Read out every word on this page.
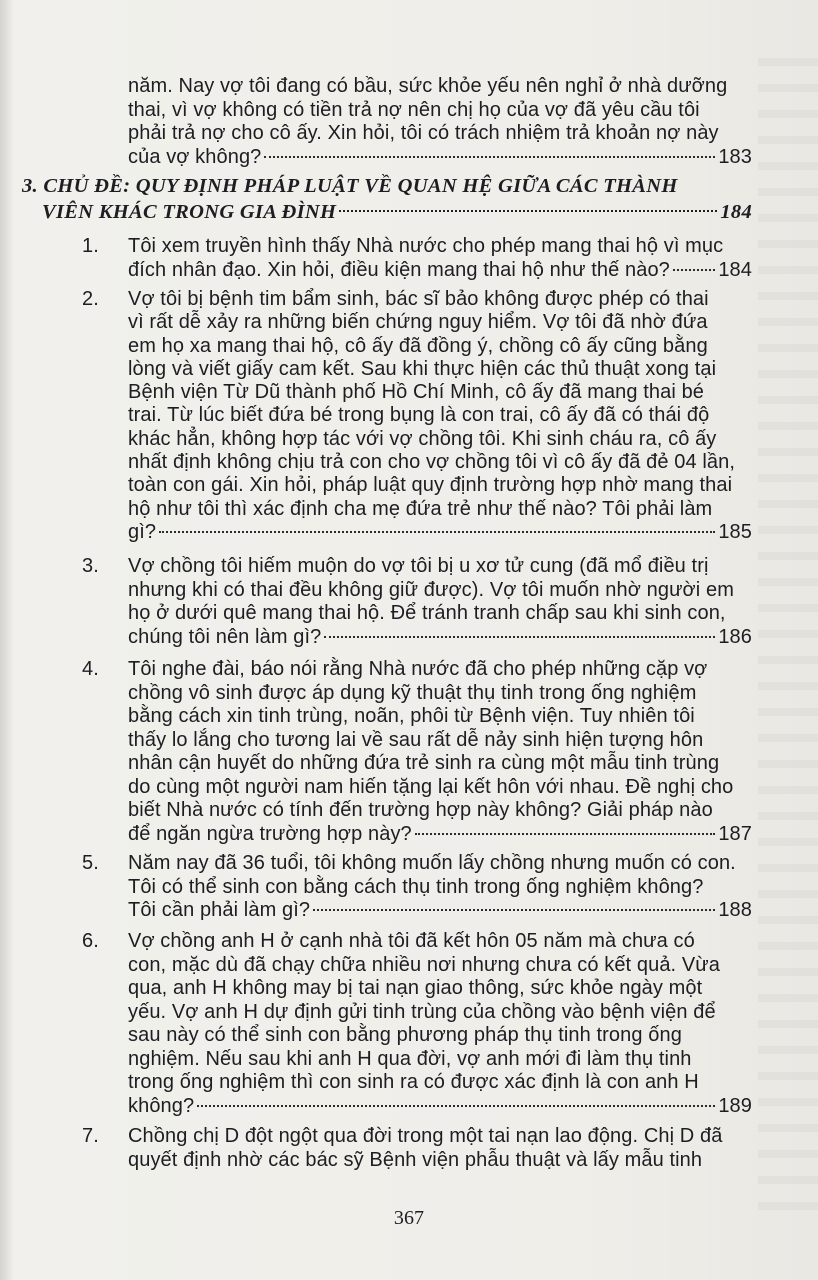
năm. Nay vợ tôi đang có bầu, sức khỏe yếu nên nghỉ ở nhà dưỡng
thai, vì vợ không có tiền trả nợ nên chị họ của vợ đã yêu cầu tôi
phải trả nợ cho cô ấy. Xin hỏi, tôi có trách nhiệm trả khoản nợ này
của vợ không?	183
3. CHỦ ĐỀ: QUY ĐỊNH PHÁP LUẬT VỀ QUAN HỆ GIỮA CÁC THÀNH
VIÊN KHÁC TRONG GIA ĐÌNH	184
1. Tôi xem truyền hình thấy Nhà nước cho phép mang thai hộ vì mục
đích nhân đạo. Xin hỏi, điều kiện mang thai hộ như thế nào? 184
2. Vợ tôi bị bệnh tim bẩm sinh, bác sĩ bảo không được phép có thai
vì rất dễ xảy ra những biến chứng nguy hiểm. Vợ tôi đã nhờ đứa
em họ xa mang thai hộ, cô ấy đã đồng ý, chồng cô ấy cũng bằng
lòng và viết giấy cam kết. Sau khi thực hiện các thủ thuật xong tại
Bệnh viện Từ Dũ thành phố Hồ Chí Minh, cô ấy đã mang thai bé
trai. Từ lúc biết đứa bé trong bụng là con trai, cô ấy đã có thái độ
khác hẳn, không hợp tác với vợ chồng tôi. Khi sinh cháu ra, cô ấy
nhất định không chịu trả con cho vợ chồng tôi vì cô ấy đã đẻ 04 lần,
toàn con gái. Xin hỏi, pháp luật quy định trường hợp nhờ mang thai
hộ như tôi thì xác định cha mẹ đứa trẻ như thế nào? Tôi phải làm
gì?	185
3. Vợ chồng tôi hiếm muộn do vợ tôi bị u xơ tử cung (đã mổ điều trị
nhưng khi có thai đều không giữ được). Vợ tôi muốn nhờ người em
họ ở dưới quê mang thai hộ. Để tránh tranh chấp sau khi sinh con,
chúng tôi nên làm gì?	186
4. Tôi nghe đài, báo nói rằng Nhà nước đã cho phép những cặp vợ
chồng vô sinh được áp dụng kỹ thuật thụ tinh trong ống nghiệm
bằng cách xin tinh trùng, noãn, phôi từ Bệnh viện. Tuy nhiên tôi
thấy lo lắng cho tương lai về sau rất dễ nảy sinh hiện tượng hôn
nhân cận huyết do những đứa trẻ sinh ra cùng một mẫu tinh trùng
do cùng một người nam hiến tặng lại kết hôn với nhau. Đề nghị cho
biết Nhà nước có tính đến trường hợp này không? Giải pháp nào
để ngăn ngừa trường hợp này?	187
5. Năm nay đã 36 tuổi, tôi không muốn lấy chồng nhưng muốn có con.
Tôi có thể sinh con bằng cách thụ tinh trong ống nghiệm không?
Tôi cần phải làm gì?	188
6. Vợ chồng anh H ở cạnh nhà tôi đã kết hôn 05 năm mà chưa có
con, mặc dù đã chạy chữa nhiều nơi nhưng chưa có kết quả. Vừa
qua, anh H không may bị tai nạn giao thông, sức khỏe ngày một
yếu. Vợ anh H dự định gửi tinh trùng của chồng vào bệnh viện để
sau này có thể sinh con bằng phương pháp thụ tinh trong ống
nghiệm. Nếu sau khi anh H qua đời, vợ anh mới đi làm thụ tinh
trong ống nghiệm thì con sinh ra có được xác định là con anh H
không?	189
7. Chồng chị D đột ngột qua đời trong một tai nạn lao động. Chị D đã
quyết định nhờ các bác sỹ Bệnh viện phẫu thuật và lấy mẫu tinh
367
